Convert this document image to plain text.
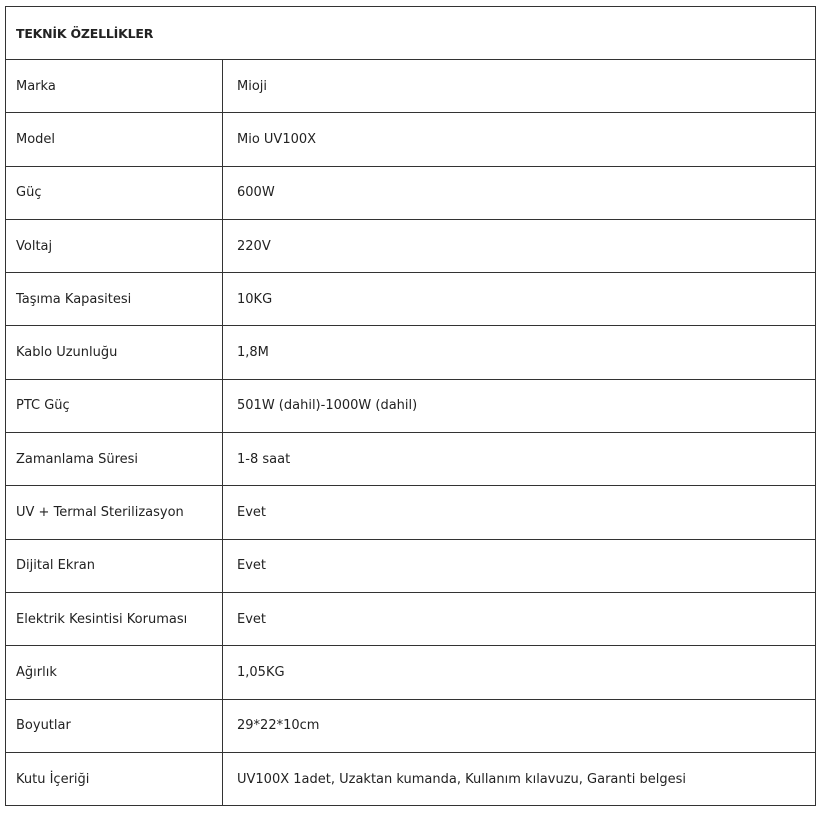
TEKNİK ÖZELLİKLER	
Marka	Mioji
Model	Mio UV100X
Güç	600W
Voltaj	220V
Taşıma Kapasitesi	10KG
Kablo Uzunluğu	1,8M
PTC Güç	501W (dahil)-1000W (dahil)
Zamanlama Süresi	1-8 saat
UV + Termal Sterilizasyon	Evet
Dijital Ekran	Evet
Elektrik Kesintisi Koruması	Evet
Ağırlık	1,05KG
Boyutlar	29*22*10cm
Kutu İçeriği	UV100X 1adet, Uzaktan kumanda, Kullanım kılavuzu, Garanti belgesi
